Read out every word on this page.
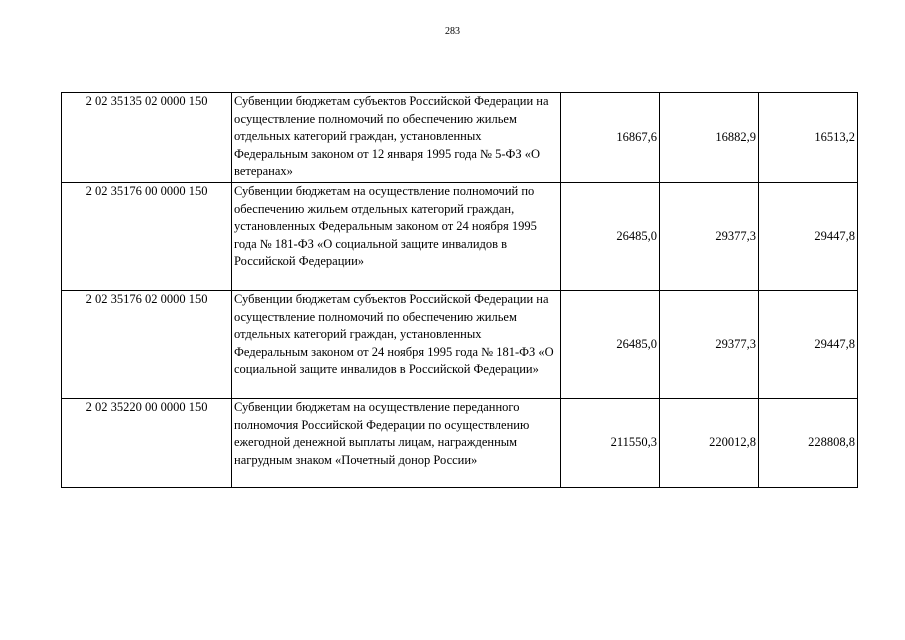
283
2 02 35135 02 0000 150	Субвенции бюджетам субъектов Российской Федерации на осуществление полномочий по обеспечению жильем отдельных категорий граждан, установленных Федеральным законом от 12 января 1995 года № 5-ФЗ «О ветеранах»	16867,6	16882,9	16513,2
2 02 35176 00 0000 150	Субвенции бюджетам на осуществление полномочий по обеспечению жильем отдельных категорий граждан, установленных Федеральным законом от 24 ноября 1995 года № 181-ФЗ «О социальной защите инвалидов в Российской Федерации»	26485,0	29377,3	29447,8
2 02 35176 02 0000 150	Субвенции бюджетам субъектов Российской Федерации на осуществление полномочий по обеспечению жильем отдельных категорий граждан, установленных Федеральным законом от 24 ноября 1995 года № 181-ФЗ «О социальной защите инвалидов в Российской Федерации»	26485,0	29377,3	29447,8
2 02 35220 00 0000 150	Субвенции бюджетам на осуществление переданного полномочия Российской Федерации по осуществлению ежегодной денежной выплаты лицам, награжденным нагрудным знаком «Почетный донор России»	211550,3	220012,8	228808,8
